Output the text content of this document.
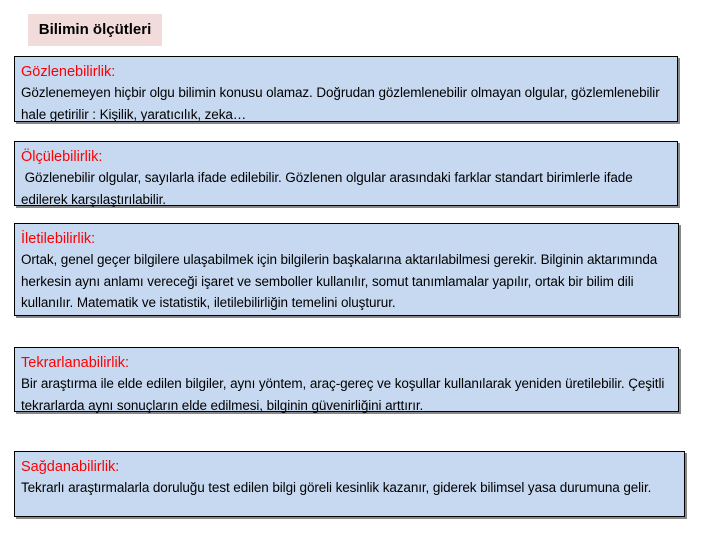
Bilimin ölçütleri
Gözlenebilirlik:
Gözlenemeyen hiçbir olgu bilimin konusu olamaz. Doğrudan gözlemlenebilir olmayan olgular, gözlemlenebilir hale getirilir : Kişilik, yaratıcılık, zeka…
Ölçülebilirlik:
Gözlenebilir olgular, sayılarla ifade edilebilir. Gözlenen olgular arasındaki farklar standart birimlerle ifade edilerek karşılaştırılabilir.
İletilebilirlik:
Ortak, genel geçer bilgilere ulaşabilmek için bilgilerin başkalarına aktarılabilmesi gerekir. Bilginin aktarımında herkesin aynı anlamı vereceği işaret ve semboller kullanılır, somut tanımlamalar yapılır, ortak bir bilim dili kullanılır. Matematik ve istatistik, iletilebilirliğin temelini oluşturur.
Tekrarlanabilirlik:
Bir araştırma ile elde edilen bilgiler, aynı yöntem, araç-gereç ve koşullar kullanılarak yeniden üretilebilir. Çeşitli tekrarlarda aynı sonuçların elde edilmesi, bilginin güvenirliğini arttırır.
Sağdanabilirlik:
Tekrarlı araştırmalarla doruluğu test edilen bilgi göreli kesinlik kazanır, giderek bilimsel yasa durumuna gelir.
